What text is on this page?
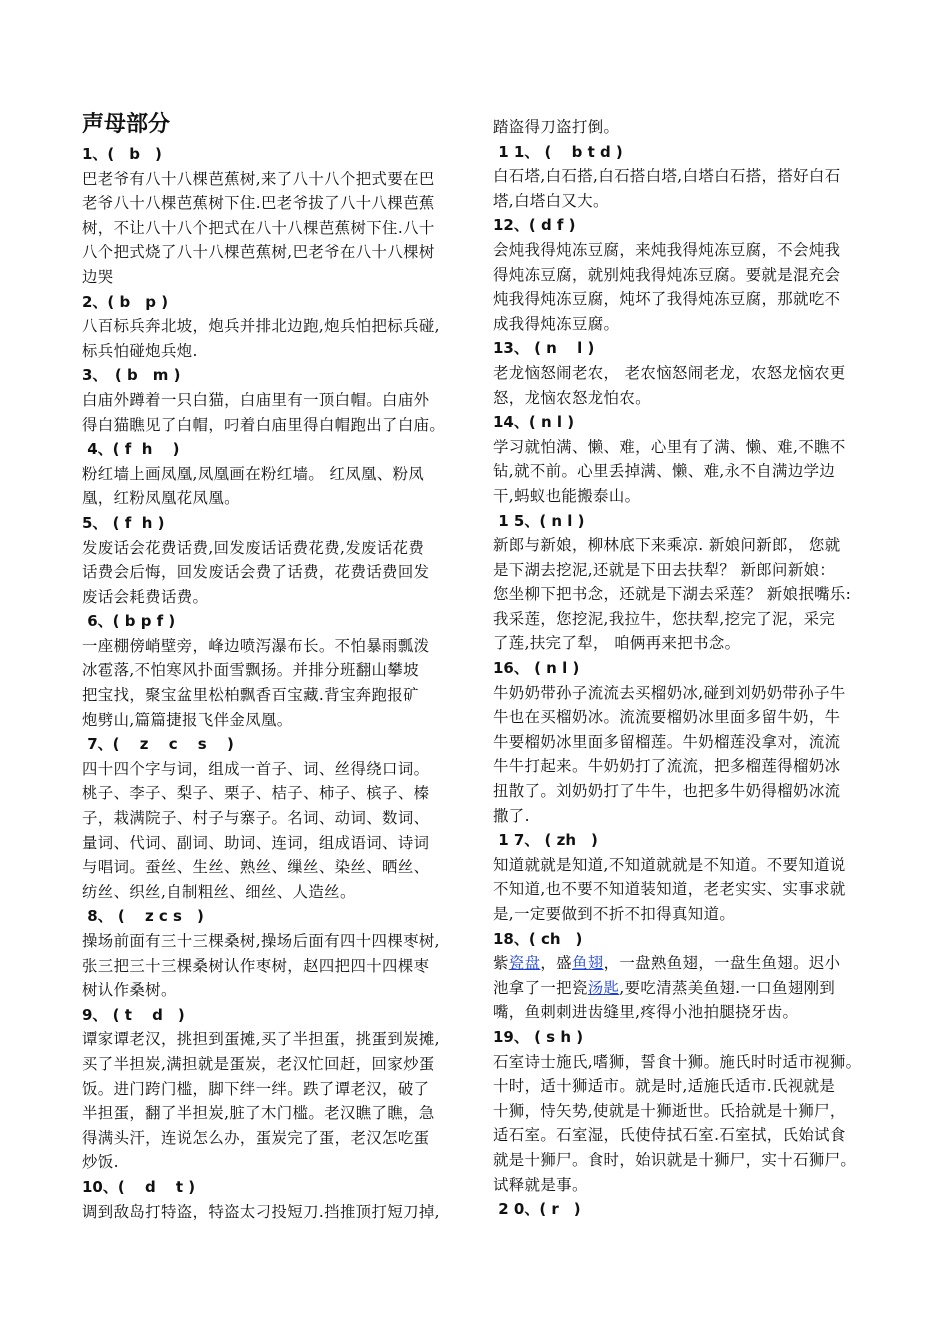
声母部分
1、(　b　)
巴老爷有八十八棵芭蕉树,来了八十八个把式要在巴
老爷八十八棵芭蕉树下住.巴老爷拔了八十八棵芭蕉
树，不让八十八个把式在八十八棵芭蕉树下住.八十
八个把式烧了八十八棵芭蕉树,巴老爷在八十八棵树
边哭
2、( b　p )
八百标兵奔北坡，炮兵并排北边跑,炮兵怕把标兵碰,
标兵怕碰炮兵炮.
3、　( b　m )
白庙外蹲着一只白猫，白庙里有一顶白帽。白庙外
得白猫瞧见了白帽，叼着白庙里得白帽跑出了白庙。
4、( f  h　 )
粉红墙上画凤凰,凤凰画在粉红墙。 红凤凰、粉凤
凰，红粉凤凰花凤凰。
5、 ( f  h )
发废话会花费话费,回发废话话费花费,发废话花费
话费会后悔，回发废话会费了话费，花费话费回发
废话会耗费话费。
6、( b p f )
一座棚傍峭壁旁，峰边喷泻瀑布长。不怕暴雨瓢泼
冰雹落,不怕寒风扑面雪飘扬。并排分班翻山攀坡
把宝找，聚宝盆里松柏飘香百宝藏.背宝奔跑报矿
炮劈山,篇篇捷报飞伴金凤凰。
7、( 　z　 c　 s　 )
四十四个字与词，组成一首子、词、丝得绕口词。
桃子、李子、梨子、栗子、桔子、柿子、槟子、榛
子，栽满院子、村子与寨子。名词、动词、数词、
量词、代词、副词、助词、连词，组成语词、诗词
与唱词。蚕丝、生丝、熟丝、缫丝、染丝、晒丝、
纺丝、织丝,自制粗丝、细丝、人造丝。
8、 (　 z c s　)
操场前面有三十三棵桑树,操场后面有四十四棵枣树,
张三把三十三棵桑树认作枣树，赵四把四十四棵枣
树认作桑树。
9、 ( t　 d　)
谭家谭老汉，挑担到蛋摊,买了半担蛋，挑蛋到炭摊,
买了半担炭,满担就是蛋炭，老汉忙回赶，回家炒蛋
饭。进门跨门槛，脚下绊一绊。跌了谭老汉，破了
半担蛋，翻了半担炭,脏了木门槛。老汉瞧了瞧，急
得满头汗，连说怎么办，蛋炭完了蛋，老汉怎吃蛋
炒饭.
10、( 　d　 t )
调到敌岛打特盗，特盗太刁投短刀.挡推顶打短刀掉,
踏盗得刀盗打倒。
1 1、 ( 　b t d )
白石塔,白石搭,白石搭白塔,白塔白石搭，搭好白石
塔,白塔白又大。
12、( d f )
会炖我得炖冻豆腐，来炖我得炖冻豆腐，不会炖我
得炖冻豆腐，就别炖我得炖冻豆腐。要就是混充会
炖我得炖冻豆腐，炖坏了我得炖冻豆腐，那就吃不
成我得炖冻豆腐。
13、 ( n　 l )
老龙恼怒闹老农， 老农恼怒闹老龙，农怒龙恼农更
怒，龙恼农怒龙怕农。
14、( n l )
学习就怕满、懒、难，心里有了满、懒、难,不瞧不
钻,就不前。心里丢掉满、懒、难,永不自满边学边
干,蚂蚁也能搬泰山。
1 5、( n l )
新郎与新娘，柳林底下来乘凉. 新娘问新郎， 您就
是下湖去挖泥,还就是下田去扶犁？ 新郎问新娘：
您坐柳下把书念，还就是下湖去采莲？ 新娘抿嘴乐:
我采莲，您挖泥,我拉牛，您扶犁,挖完了泥，采完
了莲,扶完了犁， 咱俩再来把书念。
16、 ( n l )
牛奶奶带孙子流流去买榴奶冰,碰到刘奶奶带孙子牛
牛也在买榴奶冰。流流要榴奶冰里面多留牛奶，牛
牛要榴奶冰里面多留榴莲。牛奶榴莲没拿对，流流
牛牛打起来。牛奶奶打了流流，把多榴莲得榴奶冰
扭散了。刘奶奶打了牛牛，也把多牛奶得榴奶冰流
撒了.
1 7、 ( zh　)
知道就就是知道,不知道就就是不知道。不要知道说
不知道,也不要不知道装知道，老老实实、实事求就
是,一定要做到不折不扣得真知道。
18、( ch　)
紫瓷盘，盛鱼翅，一盘熟鱼翅，一盘生鱼翅。迟小
池拿了一把瓷汤匙,要吃清蒸美鱼翅.一口鱼翅刚到
嘴，鱼刺刺进齿缝里,疼得小池拍腿挠牙齿。
19、 ( s h )
石室诗士施氏,嗜狮，誓食十狮。施氏时时适市视狮。
十时，适十狮适市。就是时,适施氏适市.氏视就是
十狮，恃矢势,使就是十狮逝世。氏拾就是十狮尸，
适石室。石室湿，氏使侍拭石室.石室拭，氏始试食
就是十狮尸。食时，始识就是十狮尸，实十石狮尸。
试释就是事。
2 0、( r　)
